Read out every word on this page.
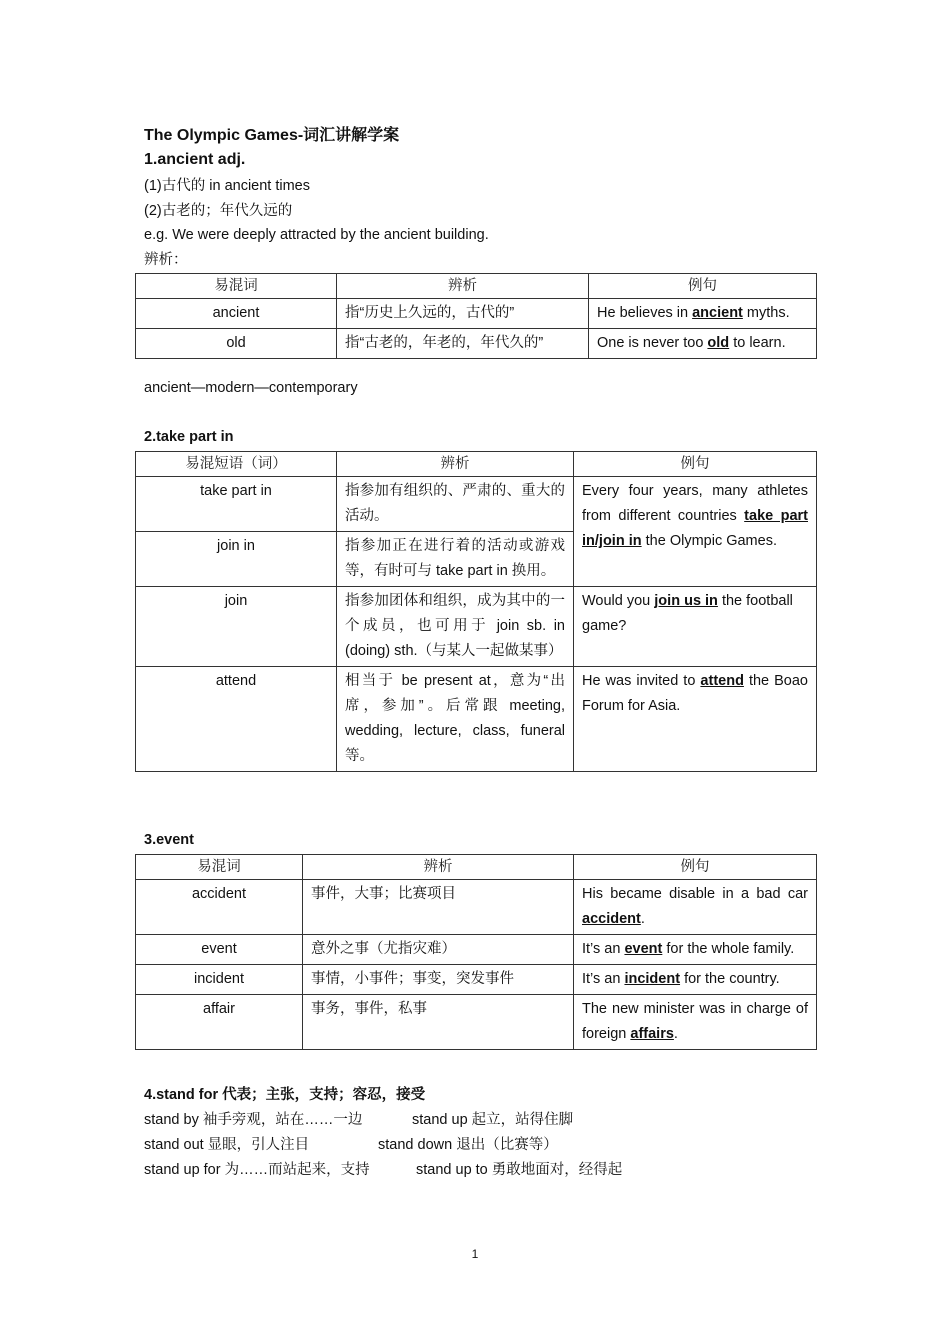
The Olympic Games-词汇讲解学案
1.ancient adj.
(1)古代的 in ancient times
(2)古老的；年代久远的
e.g. We were deeply attracted by the ancient building.
辨析：
易混词	辨析	例句
ancient	指“历史上久远的，古代的”	He believes in ancient myths.
old	指“古老的，年老的，年代久的”	One is never too old to learn.
ancient—modern—contemporary
2.take part in
易混短语（词）	辨析	例句
take part in	指参加有组织的、严肃的、重大的活动。	Every four years, many athletes from different countries take part in/join in the Olympic Games.
join in	指参加正在进行着的活动或游戏等，有时可与 take part in 换用。	
join	指参加团体和组织，成为其中的一个成员，也可用于 join sb. in (doing) sth.（与某人一起做某事）	Would you join us in the football game?
attend	相当于 be present at，意为“出席，参加”。后常跟 meeting, wedding, lecture, class, funeral 等。	He was invited to attend the Boao Forum for Asia.
3.event
易混词	辨析	例句
accident	事件，大事；比赛项目	His became disable in a bad car accident.
event	意外之事（尤指灾难）	It’s an event for the whole family.
incident	事情，小事件；事变，突发事件	It’s an incident for the country.
affair	事务，事件，私事	The new minister was in charge of foreign affairs.
4.stand for 代表；主张，支持；容忍，接受
stand by 袖手旁观，站在……一边	stand up 起立，站得住脚
stand out 显眼，引人注目	stand down 退出（比赛等）
stand up for 为……而站起来，支持	stand up to 勇敢地面对，经得起
1
